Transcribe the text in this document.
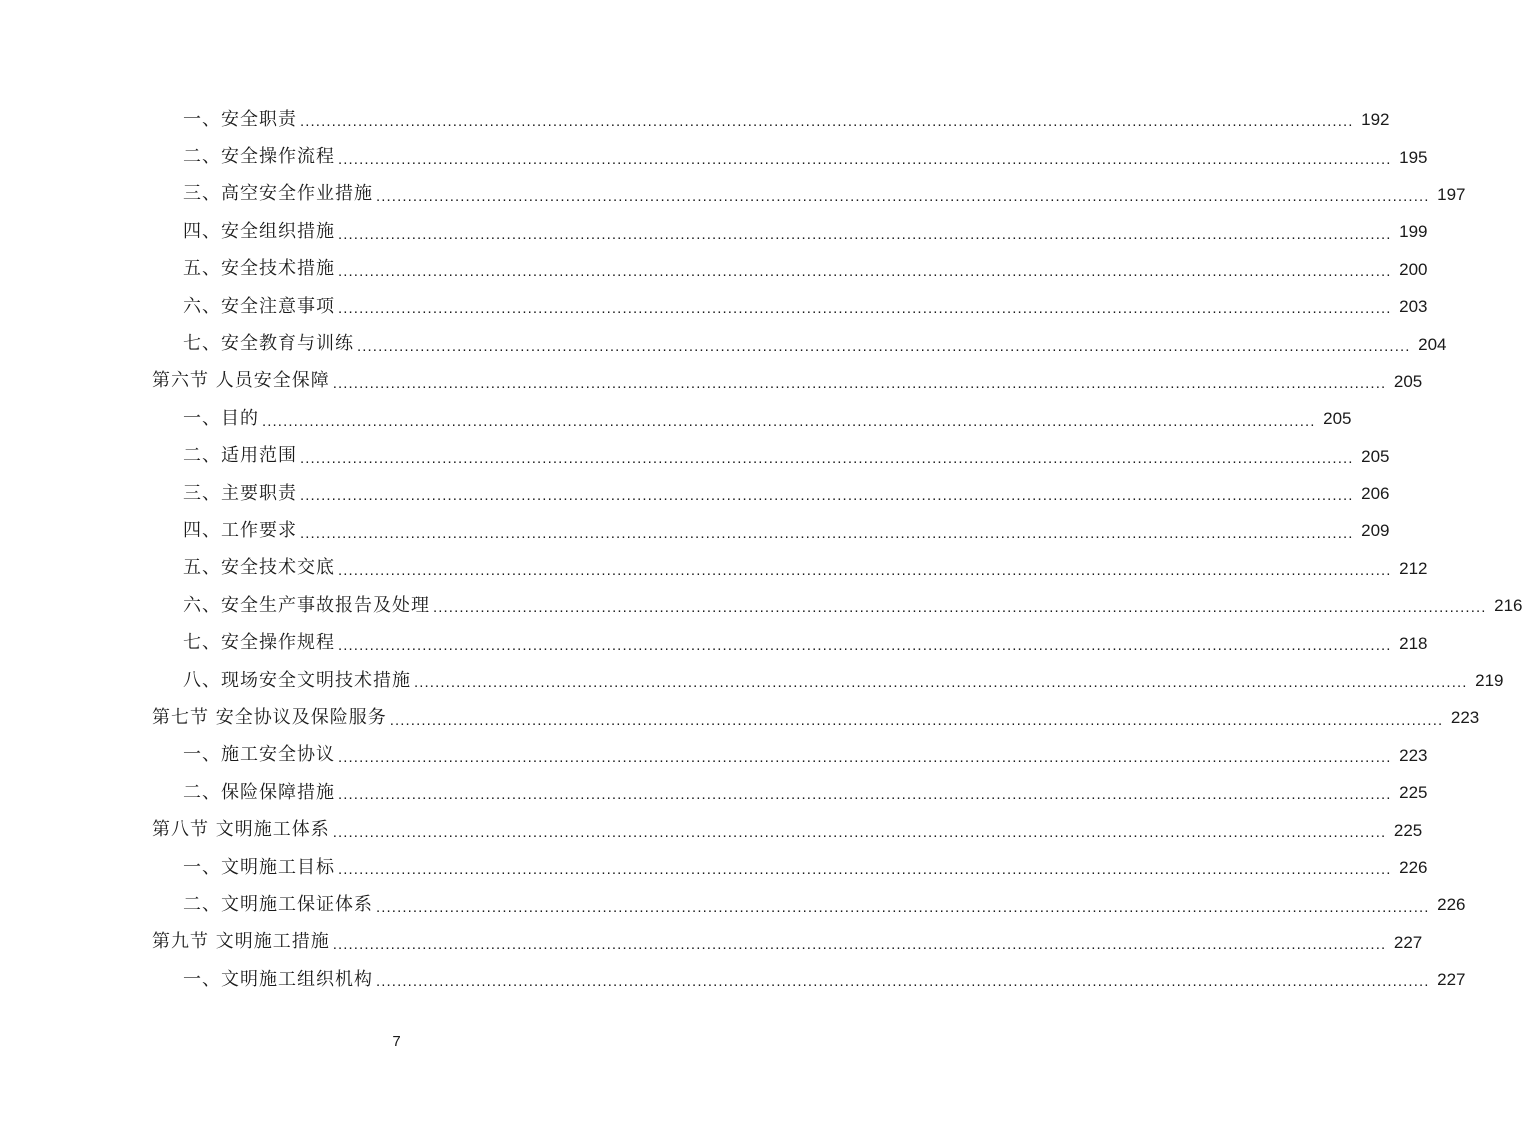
一、安全职责 ........................................................................................................................................................................................................ 192
二、安全操作流程 ........................................................................................................................................................................................................ 195
三、高空安全作业措施 ........................................................................................................................................................................................................ 197
四、安全组织措施 ........................................................................................................................................................................................................ 199
五、安全技术措施 ........................................................................................................................................................................................................ 200
六、安全注意事项 ........................................................................................................................................................................................................ 203
七、安全教育与训练 ........................................................................................................................................................................................................ 204
第六节 人员安全保障 ........................................................................................................................................................................................................ 205
一、目的 ........................................................................................................................................................................................................ 205
二、适用范围 ........................................................................................................................................................................................................ 205
三、主要职责 ........................................................................................................................................................................................................ 206
四、工作要求 ........................................................................................................................................................................................................ 209
五、安全技术交底 ........................................................................................................................................................................................................ 212
六、安全生产事故报告及处理 ........................................................................................................................................................................................................ 216
七、安全操作规程 ........................................................................................................................................................................................................ 218
八、现场安全文明技术措施 ........................................................................................................................................................................................................ 219
第七节 安全协议及保险服务 ........................................................................................................................................................................................................ 223
一、施工安全协议 ........................................................................................................................................................................................................ 223
二、保险保障措施 ........................................................................................................................................................................................................ 225
第八节 文明施工体系 ........................................................................................................................................................................................................ 225
一、文明施工目标 ........................................................................................................................................................................................................ 226
二、文明施工保证体系 ........................................................................................................................................................................................................ 226
第九节 文明施工措施 ........................................................................................................................................................................................................ 227
一、文明施工组织机构 ........................................................................................................................................................................................................ 227
7
